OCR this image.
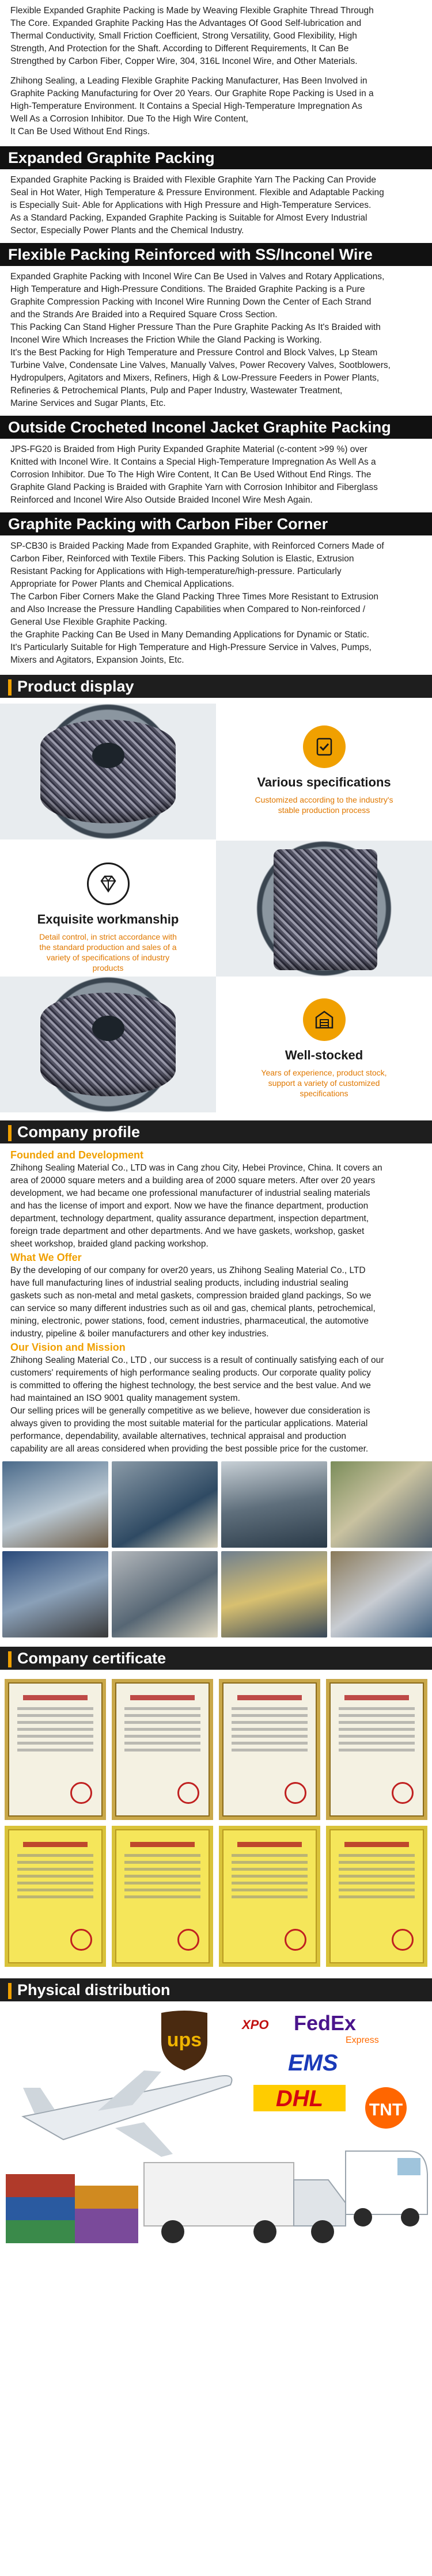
Flexible Expanded Graphite Packing is Made by Weaving Flexible Graphite Thread Through

The Core. Expanded Graphite Packing Has the Advantages Of Good Self-lubrication and

Thermal Conductivity, Small Friction Coefficient, Strong Versatility, Good Flexibility, High

Strength, And Protection for the Shaft. According to Different Requirements, It Can Be

Strengthed by Carbon Fiber, Copper Wire, 304, 316L Inconel Wire, and Other Materials.

Zhihong Sealing, a Leading Flexible Graphite Packing Manufacturer, Has Been Involved in

Graphite Packing Manufacturing for Over 20 Years. Our Graphite Rope Packing is Used in a

High-Temperature Environment. It Contains a Special High-Temperature Impregnation As

Well As a Corrosion Inhibitor. Due To the High Wire Content,

It Can Be Used Without End Rings.

Expanded Graphite Packing

Expanded Graphite Packing is Braided with Flexible Graphite Yarn The Packing Can Provide

Seal in Hot Water, High Temperature & Pressure Environment. Flexible and Adaptable Packing

is Especially Suit- Able for Applications with High Pressure and High-Temperature Services.

As a Standard Packing, Expanded Graphite Packing is Suitable for Almost Every Industrial

Sector, Especially Power Plants and the Chemical Industry.

Flexible Packing Reinforced with SS/Inconel Wire

Expanded Graphite Packing with Inconel Wire Can Be Used in Valves and Rotary Applications,

High Temperature and High-Pressure Conditions. The Braided Graphite Packing is a Pure

Graphite Compression Packing with Inconel Wire Running Down the Center of Each Strand

and the Strands Are Braided into a Required Square Cross Section.

This Packing Can Stand Higher Pressure Than the Pure Graphite Packing As It's Braided with

Inconel Wire Which Increases the Friction While the Gland Packing is Working.

It's the Best Packing for High Temperature and Pressure Control and Block Valves, Lp Steam

Turbine Valve, Condensate Line Valves, Manually Valves, Power Recovery Valves, Sootblowers,

Hydropulpers, Agitators and Mixers, Refiners, High & Low-Pressure Feeders in Power Plants,

Refineries & Petrochemical Plants, Pulp and Paper Industry, Wastewater Treatment,

Marine Services and Sugar Plants, Etc.

Outside Crocheted Inconel Jacket Graphite Packing

JPS-FG20 is Braided from High Purity Expanded Graphite Material (c-content >99 %) over

Knitted with Inconel Wire. It Contains a Special High-Temperature Impregnation As Well As a

Corrosion Inhibitor. Due To The High Wire Content, It Can Be Used Without End Rings. The

Graphite Gland Packing is Braided with Graphite Yarn with Corrosion Inhibitor and Fiberglass

Reinforced and Inconel Wire Also Outside Braided Inconel Wire Mesh Again.

Graphite Packing with Carbon Fiber Corner

SP-CB30 is Braided Packing Made from Expanded Graphite, with Reinforced Corners Made of

Carbon Fiber, Reinforced with Textile Fibers. This Packing Solution is Elastic, Extrusion

Resistant Packing for Applications with High-temperature/high-pressure. Particularly

Appropriate for Power Plants and Chemical Applications.

The Carbon Fiber Corners Make the Gland Packing Three Times More Resistant to Extrusion

and Also Increase the Pressure Handling Capabilities when Compared to Non-reinforced /

General Use Flexible Graphite Packing.

the Graphite Packing Can Be Used in Many Demanding Applications for Dynamic or Static.

It's Particularly Suitable for High Temperature and High-Pressure Service in Valves, Pumps,

Mixers and Agitators, Expansion Joints, Etc.

Product display
Various specifications
Customized according to the industry's stable production process
Exquisite workmanship
Detail control, in strict accordance with the standard production and sales of a variety of specifications of industry products
Well-stocked
Years of experience, product stock, support a variety of customized specifications
Company profile
Founded and Development

Zhihong Sealing Material Co., LTD was in Cang zhou City, Hebei Province, China. It covers an

area of 20000 square meters and a building area of 2000 square meters. After over 20 years

development, we had became one professional manufacturer of industrial sealing materials

and has the license of import and export. Now we have the finance department, production

department, technology department, quality assurance department, inspection department,

foreign trade department and other departments. And we have gaskets, workshop, gasket

sheet workshop, braided gland packing workshop.

What We Offer

By the developing of our company for over20 years, us Zhihong Sealing Material Co., LTD

have full manufacturing lines of industrial sealing products, including industrial sealing

gaskets such as non-metal and metal gaskets, compression braided gland packings, So we

can service so many different industries such as oil and gas, chemical plants, petrochemical,

mining, electronic, power stations, food, cement industries, pharmaceutical, the automotive

industry, pipeline & boiler manufacturers and other key industries.

Our Vision and Mission

Zhihong Sealing Material Co., LTD , our success is a result of continually satisfying each of our

customers' requirements of high performance sealing products. Our corporate quality policy

is committed to offering the highest technology, the best service and the best value. And we

had maintained an ISO 9001 quality management system.

Our selling prices will be generally competitive as we believe, however due consideration is

always given to providing the most suitable material for the particular applications. Material

performance, dependability, available alternatives, technical appraisal and production

capability are all areas considered when providing the best possible price for the customer.

Company certificate
Physical distribution
ups
XPO FedEx
Express
EMS
DHL	TNT
